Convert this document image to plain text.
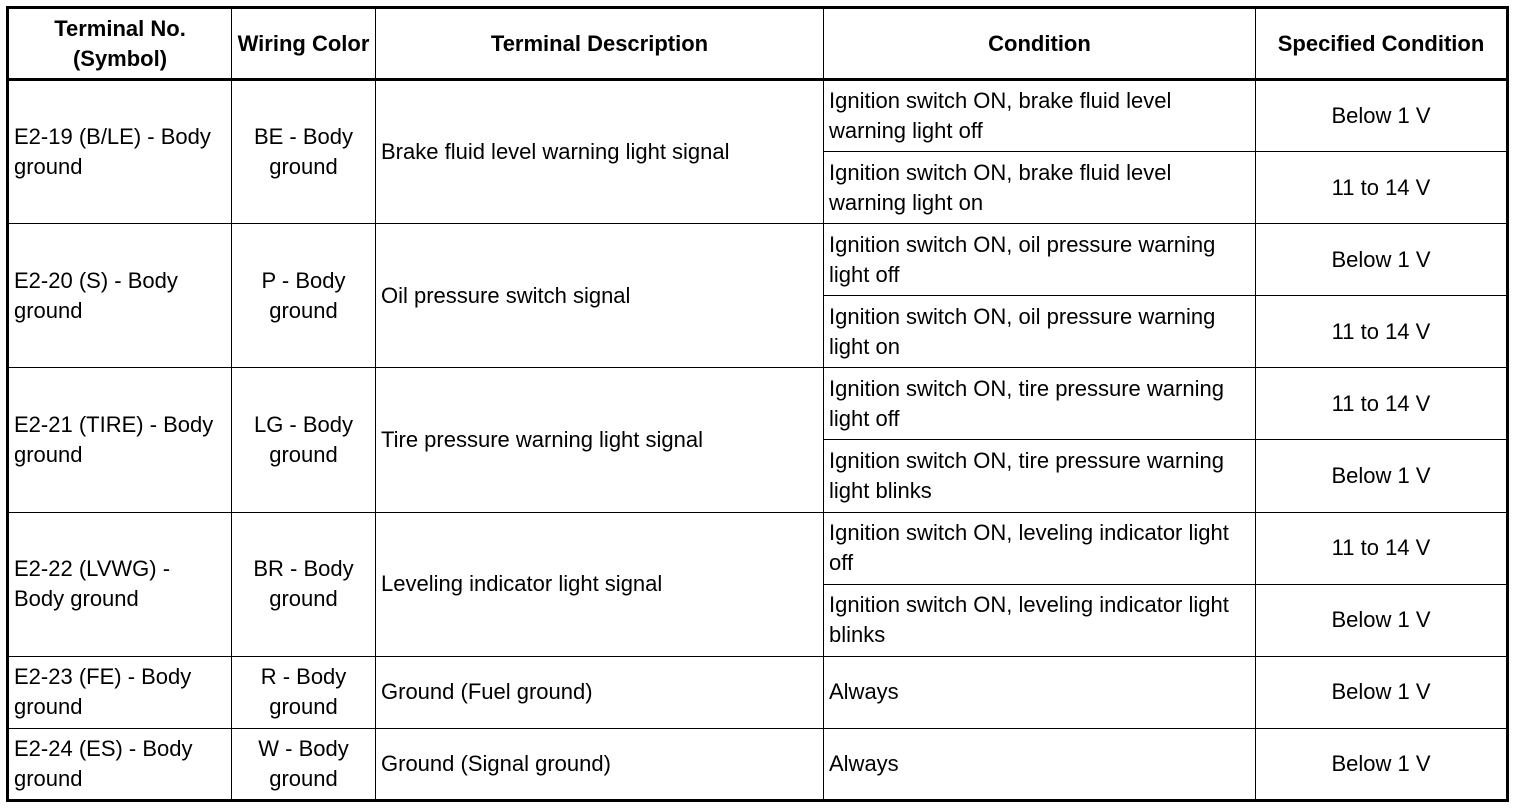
Terminal No. (Symbol)	Wiring Color	Terminal Description	Condition	Specified Condition
E2-19 (B/LE) - Body ground	BE - Body ground	Brake fluid level warning light signal	Ignition switch ON, brake fluid level warning light off	Below 1 V
			Ignition switch ON, brake fluid level warning light on	11 to 14 V
E2-20 (S) - Body ground	P - Body ground	Oil pressure switch signal	Ignition switch ON, oil pressure warning light off	Below 1 V
			Ignition switch ON, oil pressure warning light on	11 to 14 V
E2-21 (TIRE) - Body ground	LG - Body ground	Tire pressure warning light signal	Ignition switch ON, tire pressure warning light off	11 to 14 V
			Ignition switch ON, tire pressure warning light blinks	Below 1 V
E2-22 (LVWG) - Body ground	BR - Body ground	Leveling indicator light signal	Ignition switch ON, leveling indicator light off	11 to 14 V
			Ignition switch ON, leveling indicator light blinks	Below 1 V
E2-23 (FE) - Body ground	R - Body ground	Ground (Fuel ground)	Always	Below 1 V
E2-24 (ES) - Body ground	W - Body ground	Ground (Signal ground)	Always	Below 1 V
